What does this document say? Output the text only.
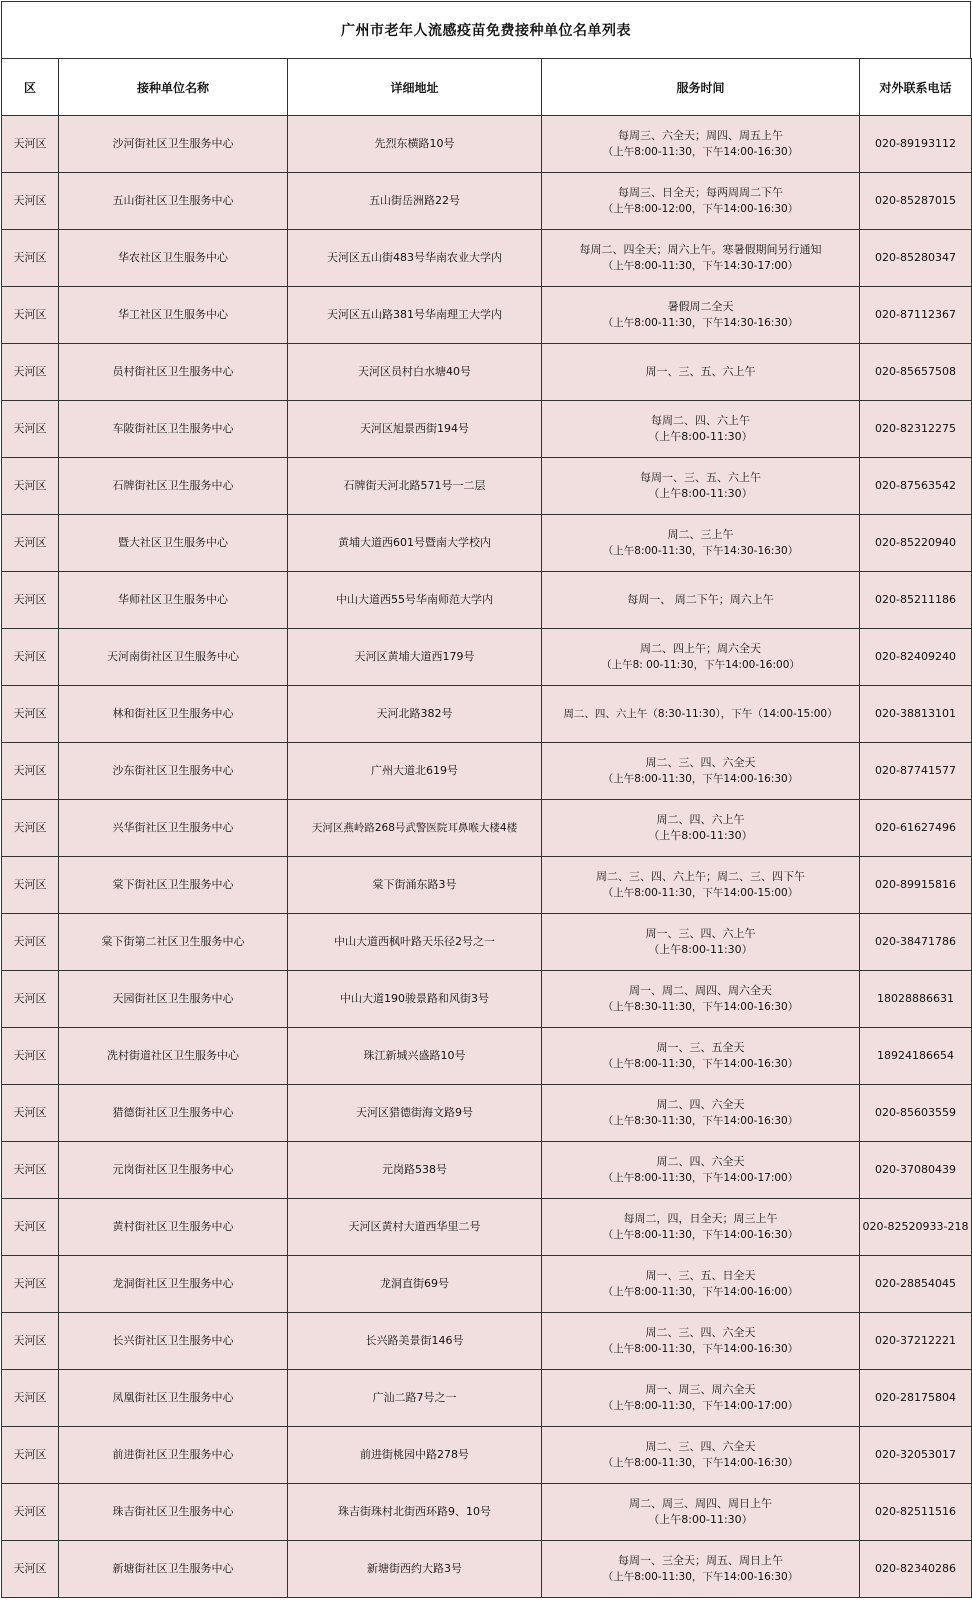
广州市老年人流感疫苗免费接种单位名单列表
区	接种单位名称	详细地址	服务时间	对外联系电话
天河区	沙河街社区卫生服务中心	先烈东横路10号	每周三、六全天；周四、周五上午
（上午8:00-11:30，下午14:00-16:30）	020-89193112
天河区	五山街社区卫生服务中心	五山街岳洲路22号	每周三、日全天；每两周周二下午
（上午8:00-12:00，下午14:00-16:30）	020-85287015
天河区	华农社区卫生服务中心	天河区五山街483号华南农业大学内	每周二、四全天；周六上午。寒暑假期间另行通知
（上午8:00-11:30，下午14:30-17:00）	020-85280347
天河区	华工社区卫生服务中心	天河区五山路381号华南理工大学内	暑假周二全天
（上午8:00-11:30，下午14:30-16:30）	020-87112367
天河区	员村街社区卫生服务中心	天河区员村白水塘40号	周一、三、五、六上午	020-85657508
天河区	车陂街社区卫生服务中心	天河区旭景西街194号	每周二、四、六上午
（上午8:00-11:30）	020-82312275
天河区	石牌街社区卫生服务中心	石牌街天河北路571号一二层	每周一、三、五、六上午
（上午8:00-11:30）	020-87563542
天河区	暨大社区卫生服务中心	黄埔大道西601号暨南大学校内	周二、三上午
（上午8:00-11:30，下午14:30-16:30）	020-85220940
天河区	华师社区卫生服务中心	中山大道西55号华南师范大学内	每周一、 周二下午；周六上午	020-85211186
天河区	天河南街社区卫生服务中心	天河区黄埔大道西179号	周二、四上午；周六全天
（上午8: 00-11:30，下午14:00-16:00）	020-82409240
天河区	林和街社区卫生服务中心	天河北路382号	周二、四、六上午（8:30-11:30），下午（14:00-15:00）	020-38813101
天河区	沙东街社区卫生服务中心	广州大道北619号	周二、三、四、六全天
（上午8:00-11:30，下午14:00-16:30）	020-87741577
天河区	兴华街社区卫生服务中心	天河区燕岭路268号武警医院耳鼻喉大楼4楼	周二、四、六上午
（上午8:00-11:30）	020-61627496
天河区	棠下街社区卫生服务中心	棠下街涌东路3号	周二、三、四、六上午；周二、三、四下午
（上午8:00-11:30，下午14:00-15:00）	020-89915816
天河区	棠下街第二社区卫生服务中心	中山大道西枫叶路天乐径2号之一	周一、三、四、六上午
（上午8:00-11:30）	020-38471786
天河区	天园街社区卫生服务中心	中山大道190骏景路和风街3号	周一、周二、周四、周六全天
（上午8:30-11:30，下午14:00-16:30）	18028886631
天河区	冼村街道社区卫生服务中心	珠江新城兴盛路10号	周一、三、五全天
（上午8:00-11:30，下午14:00-16:30）	18924186654
天河区	猎德街社区卫生服务中心	天河区猎德街海文路9号	周二、四、六全天
（上午8:30-11:30，下午14:00-16:30）	020-85603559
天河区	元岗街社区卫生服务中心	元岗路538号	周二、四、六全天
（上午8:00-11:30，下午14:00-17:00）	020-37080439
天河区	黄村街社区卫生服务中心	天河区黄村大道西华里二号	每周二，四，日全天；周三上午
（上午8:00-11:30，下午14:00-16:30）	020-82520933-218
天河区	龙洞街社区卫生服务中心	龙洞直街69号	周一、三、五、日全天
（上午8:00-11:30，下午14:00-16:00）	020-28854045
天河区	长兴街社区卫生服务中心	长兴路美景街146号	周二、三、四、六全天
（上午8:00-11:30，下午14:00-16:30）	020-37212221
天河区	凤凰街社区卫生服务中心	广汕二路7号之一	周一、周三、周六全天
（上午8:00-11:30，下午14:00-17:00）	020-28175804
天河区	前进街社区卫生服务中心	前进街桃园中路278号	周二、三、四、六全天
（上午8:00-11:30，下午14:00-16:30）	020-32053017
天河区	珠吉街社区卫生服务中心	珠吉街珠村北街西环路9、10号	周二、周三、周四、周日上午
（上午8:00-11:30）	020-82511516
天河区	新塘街社区卫生服务中心	新塘街西约大路3号	每周一、三全天；周五、周日上午
（上午8:00-11:30，下午14:00-16:30）	020-82340286
